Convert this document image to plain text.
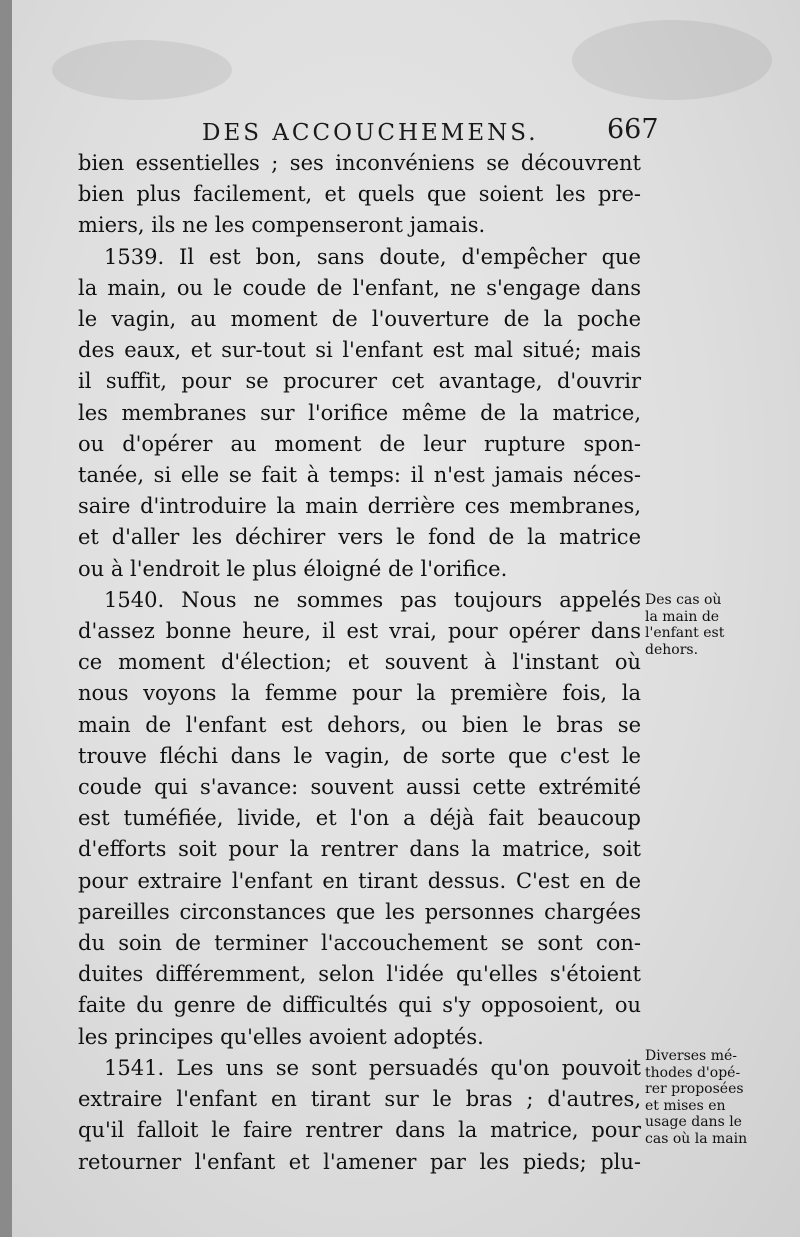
DES ACCOUCHEMENS.	667

bien essentielles ; ses inconvéniens se découvrent
bien plus facilement, et quels que soient les pre-

miers, ils ne les compenseront jamais.

1539. Il est bon, sans doute, d'empêcher que
la main, ou le coude de l'enfant, ne s'engage dans
le vagin, au moment de l'ouverture de la poche
des eaux, et sur-tout si l'enfant est mal situé; mais
il suffit, pour se procurer cet avantage, d'ouvrir
les membranes sur l'orifice même de la matrice,
ou d'opérer au moment de leur rupture spon-
tanée, si elle se fait à temps: il n'est jamais néces-
saire d'introduire la main derrière ces membranes,
et d'aller les déchirer vers le fond de la matrice

ou à l'endroit le plus éloigné de l'orifice.

1540. Nous ne sommes pas toujours appelés
d'assez bonne heure, il est vrai, pour opérer dans
ce moment d'élection; et souvent à l'instant où
nous voyons la femme pour la première fois, la
main de l'enfant est dehors, ou bien le bras se
trouve fléchi dans le vagin, de sorte que c'est le
coude qui s'avance: souvent aussi cette extrémité
est tuméfiée, livide, et l'on a déjà fait beaucoup
d'efforts soit pour la rentrer dans la matrice, soit
pour extraire l'enfant en tirant dessus. C'est en de
pareilles circonstances que les personnes chargées
du soin de terminer l'accouchement se sont con-
duites différemment, selon l'idée qu'elles s'étoient
faite du genre de difficultés qui s'y opposoient, ou

les principes qu'elles avoient adoptés.

1541. Les uns se sont persuadés qu'on pouvoit
extraire l'enfant en tirant sur le bras ; d'autres,
qu'il falloit le faire rentrer dans la matrice, pour
retourner l'enfant et l'amener par les pieds; plu-

Des cas où
la main de
l'enfant est
dehors.
Diverses mé-
thodes d'opé-
rer proposées
et mises en
usage dans le
cas où la main
